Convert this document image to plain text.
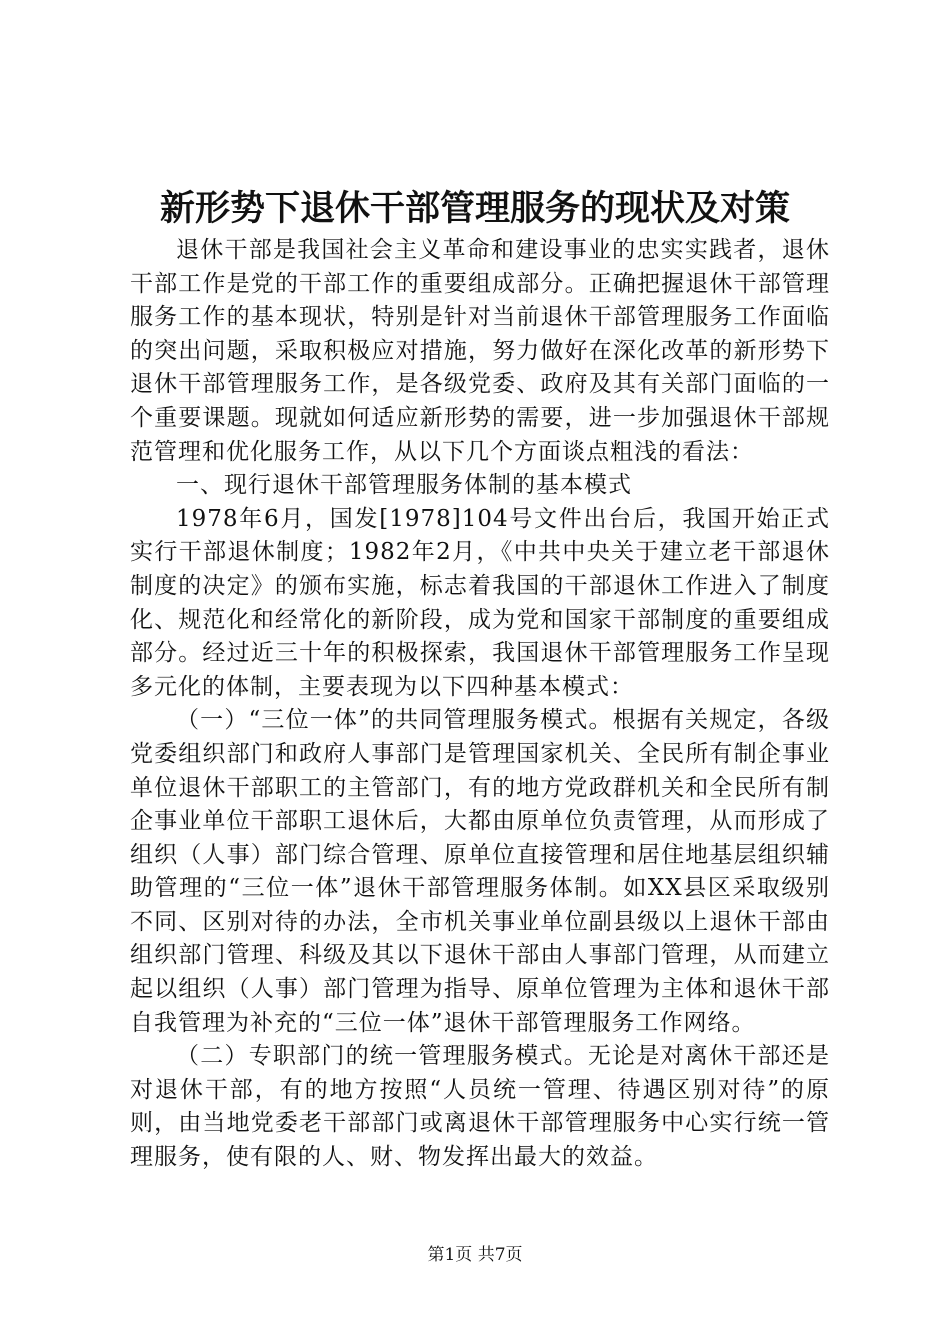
新形势下退休干部管理服务的现状及对策

退休干部是我国社会主义革命和建设事业的忠实实践者，退休干部工作是党的干部工作的重要组成部分。正确把握退休干部管理服务工作的基本现状，特别是针对当前退休干部管理服务工作面临的突出问题，采取积极应对措施，努力做好在深化改革的新形势下退休干部管理服务工作，是各级党委、政府及其有关部门面临的一个重要课题。现就如何适应新形势的需要，进一步加强退休干部规范管理和优化服务工作，从以下几个方面谈点粗浅的看法：

一、现行退休干部管理服务体制的基本模式

1978年6月，国发[1978]104号文件出台后，我国开始正式实行干部退休制度；1982年2月，《中共中央关于建立老干部退休制度的决定》的颁布实施，标志着我国的干部退休工作进入了制度化、规范化和经常化的新阶段，成为党和国家干部制度的重要组成部分。经过近三十年的积极探索，我国退休干部管理服务工作呈现多元化的体制，主要表现为以下四种基本模式：

（一）“三位一体”的共同管理服务模式。根据有关规定，各级党委组织部门和政府人事部门是管理国家机关、全民所有制企事业单位退休干部职工的主管部门，有的地方党政群机关和全民所有制企事业单位干部职工退休后，大都由原单位负责管理，从而形成了组织（人事）部门综合管理、原单位直接管理和居住地基层组织辅助管理的“三位一体”退休干部管理服务体制。如XX县区采取级别不同、区别对待的办法，全市机关事业单位副县级以上退休干部由组织部门管理、科级及其以下退休干部由人事部门管理，从而建立起以组织（人事）部门管理为指导、原单位管理为主体和退休干部自我管理为补充的“三位一体”退休干部管理服务工作网络。

（二）专职部门的统一管理服务模式。无论是对离休干部还是对退休干部，有的地方按照“人员统一管理、待遇区别对待”的原则，由当地党委老干部部门或离退休干部管理服务中心实行统一管理服务，使有限的人、财、物发挥出最大的效益。

第1页 共7页
